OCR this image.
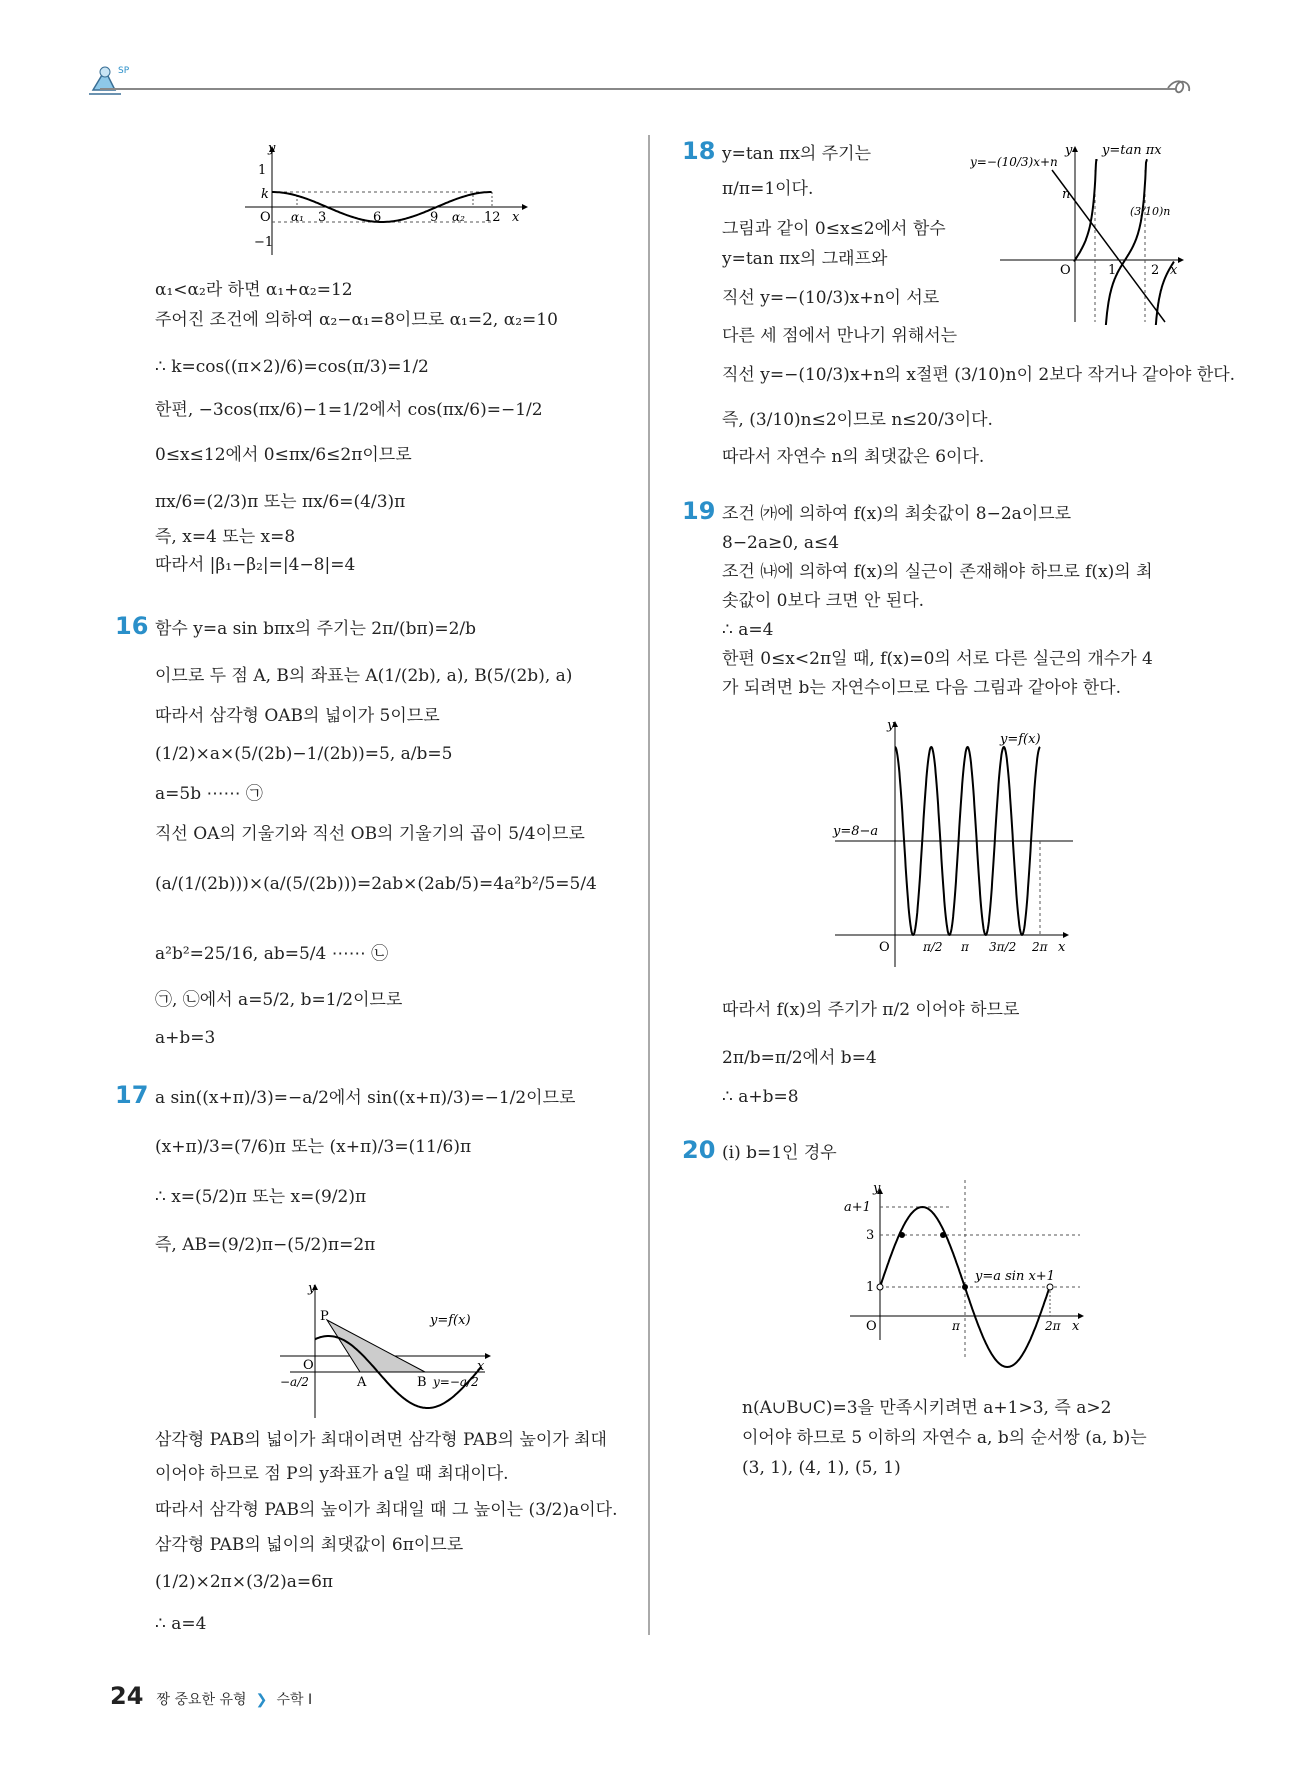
SP
y
1
k
O α₁ 3	6	9 α₂ 12 x
−1
α₁<α₂라 하면 α₁+α₂=12
주어진 조건에 의하여 α₂−α₁=8이므로 α₁=2, α₂=10
∴ k=cos((π×2)/6)=cos(π/3)=1/2
한편, −3cos(πx/6)−1=1/2에서 cos(πx/6)=−1/2
0≤x≤12에서 0≤πx/6≤2π이므로
πx/6=(2/3)π 또는 πx/6=(4/3)π
즉, x=4 또는 x=8
따라서 |β₁−β₂|=|4−8|=4
16 함수 y=a sin bπx의 주기는 2π/(bπ)=2/b
이므로 두 점 A, B의 좌표는 A(1/(2b), a), B(5/(2b), a)
따라서 삼각형 OAB의 넓이가 5이므로
(1/2)×a×(5/(2b)−1/(2b))=5, a/b=5
a=5b ⋯⋯ ㉠
직선 OA의 기울기와 직선 OB의 기울기의 곱이 5/4이므로
(a/(1/(2b)))×(a/(5/(2b)))=2ab×(2ab/5)=4a²b²/5=5/4
a²b²=25/16, ab=5/4 ⋯⋯ ㉡
㉠, ㉡에서 a=5/2, b=1/2이므로
a+b=3
17 a sin((x+π)/3)=−a/2에서 sin((x+π)/3)=−1/2이므로
(x+π)/3=(7/6)π 또는 (x+π)/3=(11/6)π
∴ x=(5/2)π 또는 x=(9/2)π
즉, AB=(9/2)π−(5/2)π=2π
y
P	y=f(x)
O	x
A	B y=−a/2
−a/2
삼각형 PAB의 넓이가 최대이려면 삼각형 PAB의 높이가 최대
이어야 하므로 점 P의 y좌표가 a일 때 최대이다.
따라서 삼각형 PAB의 높이가 최대일 때 그 높이는 (3/2)a이다.
삼각형 PAB의 넓이의 최댓값이 6π이므로
(1/2)×2π×(3/2)a=6π
∴ a=4
18 y=tan πx의 주기는
π/π=1이다.
그림과 같이 0≤x≤2에서 함수
y=tan πx의 그래프와
직선 y=−(10/3)x+n이 서로
다른 세 점에서 만나기 위해서는
직선 y=−(10/3)x+n의 x절편 (3/10)n이 2보다 작거나 같아야 한다.
즉, (3/10)n≤2이므로 n≤20/3이다.
따라서 자연수 n의 최댓값은 6이다.
y=−(10/3)x+n
y y=tan πx
n
(3/10)n
O	1	2 x
19 조건 ㈎에 의하여 f(x)의 최솟값이 8−2a이므로
8−2a≥0, a≤4
조건 ㈏에 의하여 f(x)의 실근이 존재해야 하므로 f(x)의 최
솟값이 0보다 크면 안 된다.
∴ a=4
한편 0≤x<2π일 때, f(x)=0의 서로 다른 실근의 개수가 4
가 되려면 b는 자연수이므로 다음 그림과 같아야 한다.
y
y=f(x)
y=8−a
O	π/2 π 3π/2 2π x
따라서 f(x)의 주기가 π/2 이어야 하므로
2π/b=π/2에서 b=4
∴ a+b=8
20 (i) b=1인 경우
y
a+1
3
1
y=a sin x+1
O	π	2π x
n(A∪B∪C)=3을 만족시키려면 a+1>3, 즉 a>2
이어야 하므로 5 이하의 자연수 a, b의 순서쌍 (a, b)는
(3, 1), (4, 1), (5, 1)
24 짱 중요한 유형 ❯ 수학 I
